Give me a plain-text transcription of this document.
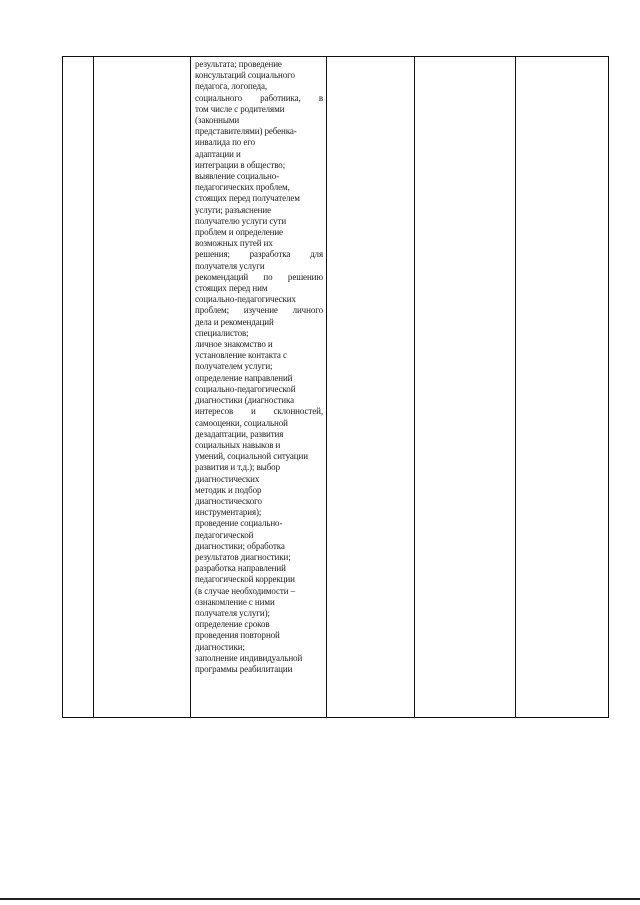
результата; проведение
консультаций социального
педагога, логопеда,
социального работника, в
том числе с родителями
(законными
представителями) ребенка-
инвалида по его
адаптации и
интеграции в общество;
выявление социально-
педагогических проблем,
стоящих перед получателем
услуги; разъяснение
получателю услуги сути
проблем и определение
возможных путей их
решения; разработка для
получателя услуги
рекомендаций по решению
стоящих перед ним
социально-педагогических
проблем; изучение личного
дела и рекомендаций
специалистов;
личное знакомство и
установление контакта с
получателем услуги;
определение направлений
социально-педагогической
диагностики (диагностика
интересов и склонностей,
самооценки, социальной
дезадаптации, развития
социальных навыков и
умений, социальной ситуации
развития и т.д.); выбор
диагностических
методик и подбор
диагностического
инструментария);
проведение социально-
педагогической
диагностики; обработка
результатов диагностики;
разработка направлений
педагогической коррекции
(в случае необходимости –
ознакомление с ними
получателя услуги);
определение сроков
проведения повторной
диагностики;
заполнение индивидуальной
программы реабилитации
